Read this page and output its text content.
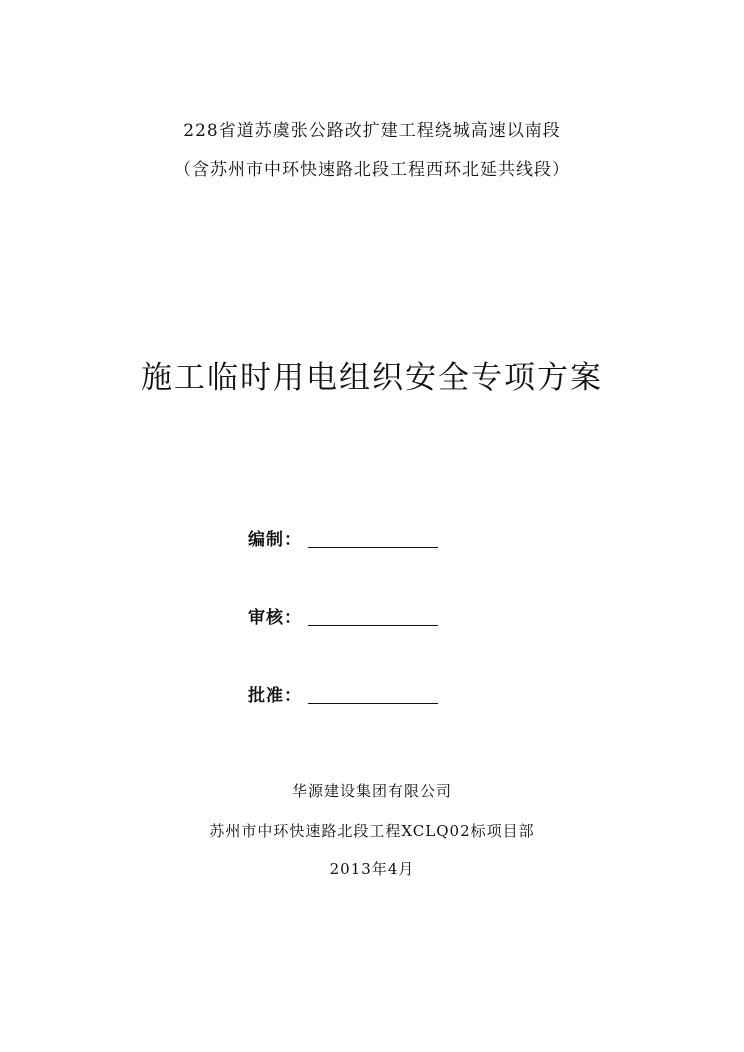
228省道苏虞张公路改扩建工程绕城高速以南段
（含苏州市中环快速路北段工程西环北延共线段）
施工临时用电组织安全专项方案
编制：
审核：
批准：
华源建设集团有限公司
苏州市中环快速路北段工程XCLQ02标项目部
2013年4月
